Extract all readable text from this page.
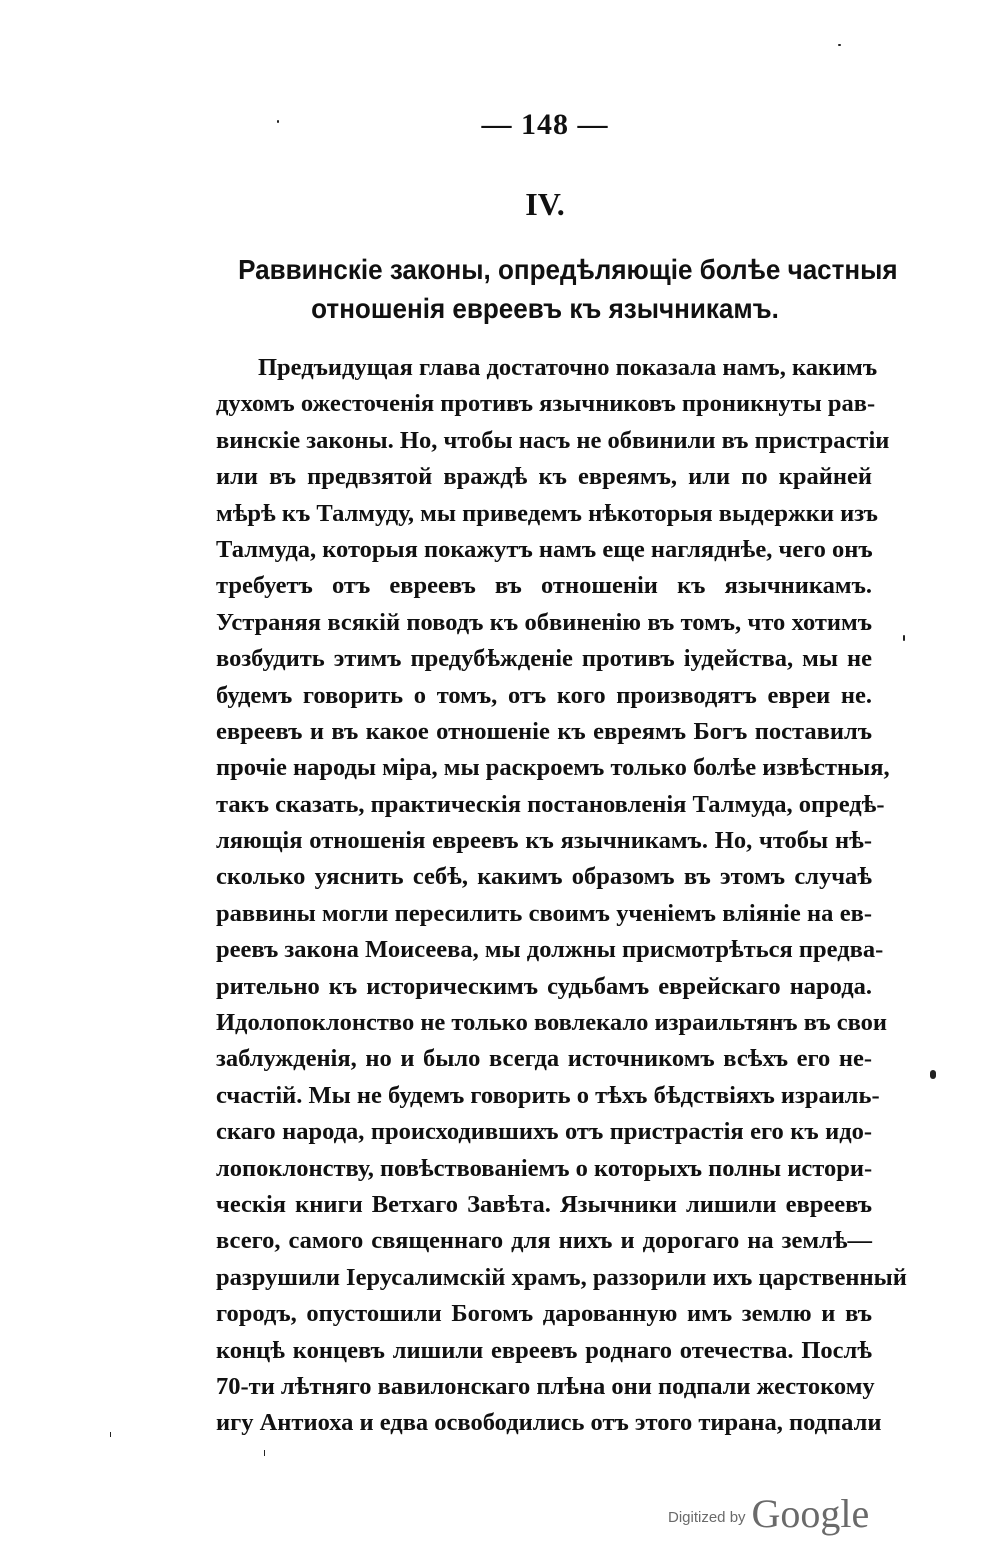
— 148 —
IV.
Раввинскіе законы, опредѣляющіе болѣе частныя
отношенія евреевъ къ язычникамъ.
Предъидущая глава достаточно показала намъ, какимъ
духомъ ожесточенія противъ язычниковъ проникнуты рав-
винскіе законы. Но, чтобы насъ не обвинили въ пристрастіи
или въ предвзятой враждѣ къ евреямъ, или по крайней
мѣрѣ къ Талмуду, мы приведемъ нѣкоторыя выдержки изъ
Талмуда, которыя покажутъ намъ еще нагляднѣе, чего онъ
требуетъ отъ евреевъ въ отношеніи къ язычникамъ.
Устраняя всякій поводъ къ обвиненію въ томъ, что хотимъ
возбудить этимъ предубѣжденіе противъ іудейства, мы не
будемъ говорить о томъ, отъ кого производятъ евреи не.
евреевъ и въ какое отношеніе къ евреямъ Богъ поставилъ
прочіе народы міра, мы раскроемъ только болѣе извѣстныя,
такъ сказать, практическія постановленія Талмуда, опредѣ-
ляющія отношенія евреевъ къ язычникамъ. Но, чтобы нѣ-
сколько уяснить себѣ, какимъ образомъ въ этомъ случаѣ
раввины могли пересилить своимъ ученіемъ вліяніе на ев-
реевъ закона Моисеева, мы должны присмотрѣться предва-
рительно къ историческимъ судьбамъ еврейскаго народа.
Идолопоклонство не только вовлекало израильтянъ въ свои
заблужденія, но и было всегда источникомъ всѣхъ его не-
счастій. Мы не будемъ говорить о тѣхъ бѣдствіяхъ израиль-
скаго народа, происходившихъ отъ пристрастія его къ идо-
лопоклонству, повѣствованіемъ о которыхъ полны истори-
ческія книги Ветхаго Завѣта. Язычники лишили евреевъ
всего, самого священнаго для нихъ и дорогаго на землѣ—
разрушили Іерусалимскій храмъ, раззорили ихъ царственный
городъ, опустошили Богомъ дарованную имъ землю и въ
концѣ концевъ лишили евреевъ роднаго отечества. Послѣ
70-ти лѣтняго вавилонскаго плѣна они подпали жестокому
игу Антиоха и едва освободились отъ этого тирана, подпали
Digitized by Google
